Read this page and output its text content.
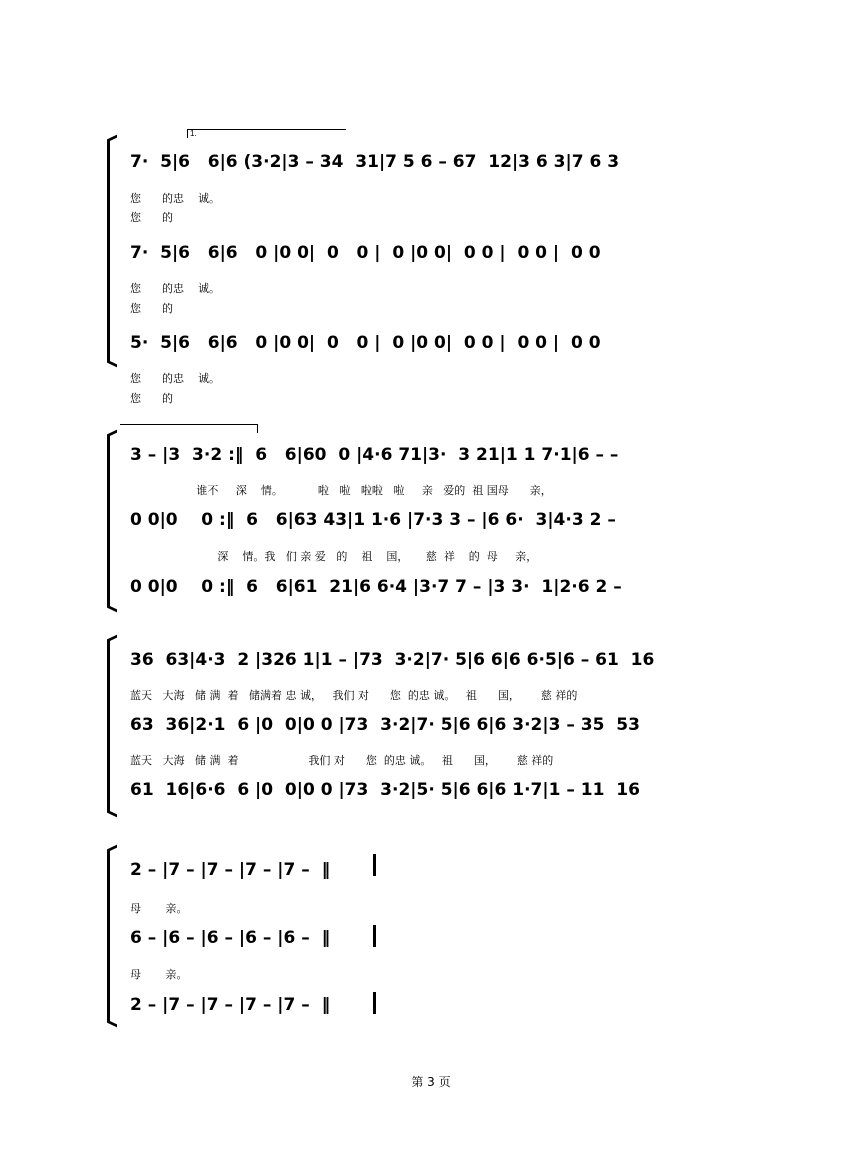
1.
7·  5|6   6|6 (3·2|3 – 34  31|7 5 6 – 67  12|3 6 3|7 6 3
您      的忠    诚。
您      的
7·  5|6   6|6   0 |0 0|  0   0 |  0 |0 0|  0 0 |  0 0 |  0 0
您      的忠    诚。
您      的
5·  5|6   6|6   0 |0 0|  0   0 |  0 |0 0|  0 0 |  0 0 |  0 0
您      的忠    诚。
您      的
3 – |3  3·2 :‖  6   6|60  0 |4·6 71|3·  3 21|1 1 7·1|6 – –
谁不     深    情。          啦   啦   啦啦   啦     亲   爱的  祖 国母      亲，
0 0|0    0 :‖  6   6|63 43|1 1·6 |7·3 3 – |6 6·  3|4·3 2 –
深    情。我   们 亲 爱   的    祖    国，     慈  祥    的  母     亲，
0 0|0    0 :‖  6   6|61  21|6 6·4 |3·7 7 – |3 3·  1|2·6 2 –
36  63|4·3  2 |326 1|1 – |73  3·2|7· 5|6 6|6 6·5|6 – 61  16
蓝天   大海   储 满  着   储满着 忠 诚，   我们 对      您  的忠 诚。   祖      国，      慈 祥的
63  36|2·1  6 |0  0|0 0 |73  3·2|7· 5|6 6|6 3·2|3 – 35  53
蓝天   大海   储 满  着                    我们 对      您  的忠 诚。   祖      国，      慈 祥的
61  16|6·6  6 |0  0|0 0 |73  3·2|5· 5|6 6|6 1·7|1 – 11  16
2 – |7 – |7 – |7 – |7 –  ‖
母       亲。
6 – |6 – |6 – |6 – |6 –  ‖
母       亲。
2 – |7 – |7 – |7 – |7 –  ‖
第 3 页
